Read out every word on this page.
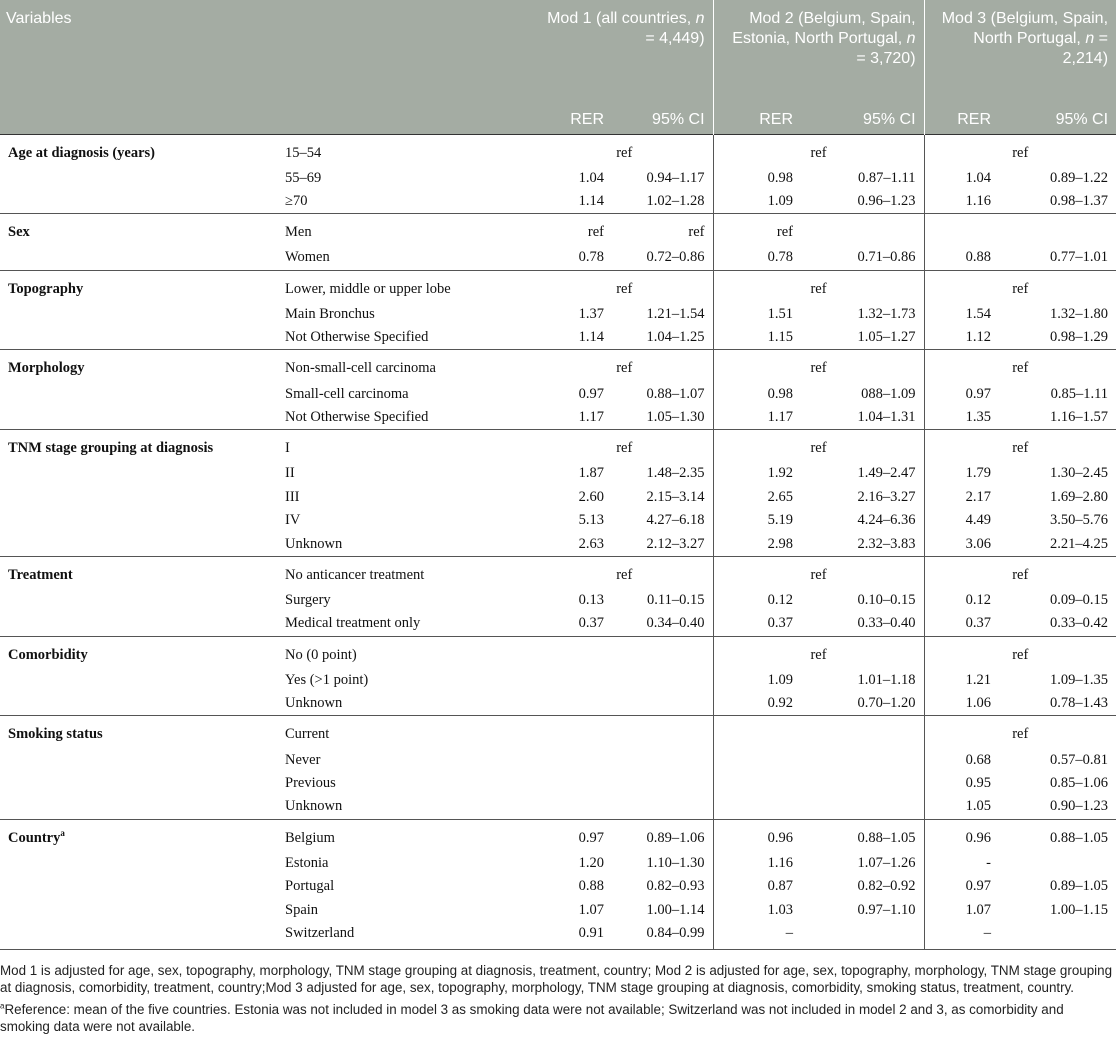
Variables		Mod 1 (all countries, n = 4,449)		Mod 2 (Belgium, Spain, Estonia, North Portugal, n = 3,720)		Mod 3 (Belgium, Spain, North Portugal, n = 2,214)	
		RER	95% CI	RER	95% CI	RER	95% CI
Age at diagnosis (years)	15–54	ref		ref		ref	
	55–69	1.04	0.94–1.17	0.98	0.87–1.11	1.04	0.89–1.22
	≥70	1.14	1.02–1.28	1.09	0.96–1.23	1.16	0.98–1.37
Sex	Men	ref	ref	ref			
	Women	0.78	0.72–0.86	0.78	0.71–0.86	0.88	0.77–1.01
Topography	Lower, middle or upper lobe	ref		ref		ref	
	Main Bronchus	1.37	1.21–1.54	1.51	1.32–1.73	1.54	1.32–1.80
	Not Otherwise Specified	1.14	1.04–1.25	1.15	1.05–1.27	1.12	0.98–1.29
Morphology	Non-small-cell carcinoma	ref		ref		ref	
	Small-cell carcinoma	0.97	0.88–1.07	0.98	088–1.09	0.97	0.85–1.11
	Not Otherwise Specified	1.17	1.05–1.30	1.17	1.04–1.31	1.35	1.16–1.57
TNM stage grouping at diagnosis	I	ref		ref		ref	
	II	1.87	1.48–2.35	1.92	1.49–2.47	1.79	1.30–2.45
	III	2.60	2.15–3.14	2.65	2.16–3.27	2.17	1.69–2.80
	IV	5.13	4.27–6.18	5.19	4.24–6.36	4.49	3.50–5.76
	Unknown	2.63	2.12–3.27	2.98	2.32–3.83	3.06	2.21–4.25
Treatment	No anticancer treatment	ref		ref		ref	
	Surgery	0.13	0.11–0.15	0.12	0.10–0.15	0.12	0.09–0.15
	Medical treatment only	0.37	0.34–0.40	0.37	0.33–0.40	0.37	0.33–0.42
Comorbidity	No (0 point)			ref		ref	
	Yes (>1 point)			1.09	1.01–1.18	1.21	1.09–1.35
	Unknown			0.92	0.70–1.20	1.06	0.78–1.43
Smoking status	Current					ref	
	Never					0.68	0.57–0.81
	Previous					0.95	0.85–1.06
	Unknown					1.05	0.90–1.23
Country$^a$	Belgium	0.97	0.89–1.06	0.96	0.88–1.05	0.96	0.88–1.05
	Estonia	1.20	1.10–1.30	1.16	1.07–1.26	-	
	Portugal	0.88	0.82–0.93	0.87	0.82–0.92	0.97	0.89–1.05
	Spain	1.07	1.00–1.14	1.03	0.97–1.10	1.07	1.00–1.15
	Switzerland	0.91	0.84–0.99	–		–	

Mod 1 is adjusted for age, sex, topography, morphology, TNM stage grouping at diagnosis, treatment, country; Mod 2 is adjusted for age, sex, topography, morphology, TNM stage grouping at diagnosis, comorbidity, treatment, country;Mod 3 adjusted for age, sex, topography, morphology, TNM stage grouping at diagnosis, comorbidity, smoking status, treatment, country.

$^a$Reference: mean of the five countries. Estonia was not included in model 3 as smoking data were not available; Switzerland was not included in model 2 and 3, as comorbidity and smoking data were not available.
